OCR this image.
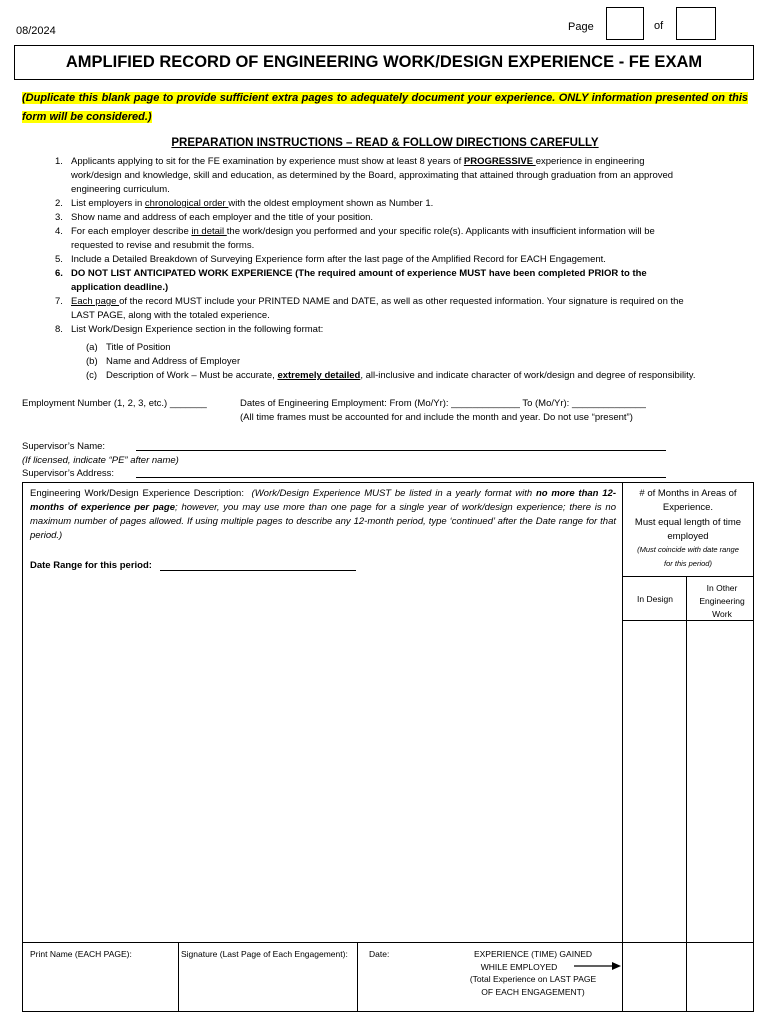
08/2024	Page	of
AMPLIFIED RECORD OF ENGINEERING WORK/DESIGN EXPERIENCE - FE EXAM
(Duplicate this blank page to provide sufficient extra pages to adequately document your experience. ONLY information presented on this form will be considered.)
PREPARATION INSTRUCTIONS – READ & FOLLOW DIRECTIONS CAREFULLY
1. Applicants applying to sit for the FE examination by experience must show at least 8 years of PROGRESSIVE experience in engineering work/design and knowledge, skill and education, as determined by the Board, approximating that attained through graduation from an approved engineering curriculum.
2. List employers in chronological order with the oldest employment shown as Number 1.
3. Show name and address of each employer and the title of your position.
4. For each employer describe in detail the work/design you performed and your specific role(s). Applicants with insufficient information will be requested to revise and resubmit the forms.
5. Include a Detailed Breakdown of Surveying Experience form after the last page of the Amplified Record for EACH Engagement.
6. DO NOT LIST ANTICIPATED WORK EXPERIENCE (The required amount of experience MUST have been completed PRIOR to the application deadline.)
7. Each page of the record MUST include your PRINTED NAME and DATE, as well as other requested information. Your signature is required on the LAST PAGE, along with the totaled experience.
8. List Work/Design Experience section in the following format:
(a) Title of Position
(b) Name and Address of Employer
(c) Description of Work – Must be accurate, extremely detailed, all-inclusive and indicate character of work/design and degree of responsibility.
Employment Number (1, 2, 3, etc.) _______	Dates of Engineering Employment: From (Mo/Yr): _____________ To (Mo/Yr): ______________
(All time frames must be accounted for and include the month and year. Do not use “present”)
Supervisor’s Name:
(If licensed, indicate “PE” after name)
Supervisor’s Address:
Engineering Work/Design Experience Description: (Work/Design Experience MUST be listed in a yearly format with no more than 12-months of experience per page; however, you may use more than one page for a single year of work/design experience; there is no maximum number of pages allowed. If using multiple pages to describe any 12-month period, type ‘continued’ after the Date range for that period.)
Date Range for this period:
# of Months in Areas of Experience.
Must equal length of time employed
(Must coincide with date range for this period)
In Design
In Other Engineering Work
Print Name (EACH PAGE):	Signature (Last Page of Each Engagement): Date:	EXPERIENCE (TIME) GAINED
WHILE EMPLOYED
(Total Experience on LAST PAGE
OF EACH ENGAGEMENT)
